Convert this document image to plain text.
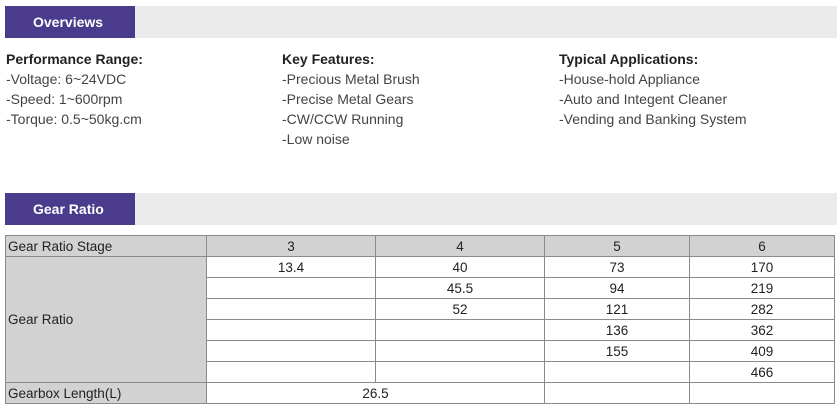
Overviews
Performance Range:
-Voltage: 6~24VDC
-Speed: 1~600rpm
-Torque: 0.5~50kg.cm
Key Features:
-Precious Metal Brush
-Precise Metal Gears
-CW/CCW Running
-Low noise
Typical Applications:
-House-hold Appliance
-Auto and Integent Cleaner
-Vending and Banking System
Gear Ratio
Gear Ratio Stage	3	4	5	6
Gear Ratio	13.4	40	73	170
		45.5	94	219
		52	121	282
			136	362
			155	409
				466
Gearbox Length(L)	26.5			
